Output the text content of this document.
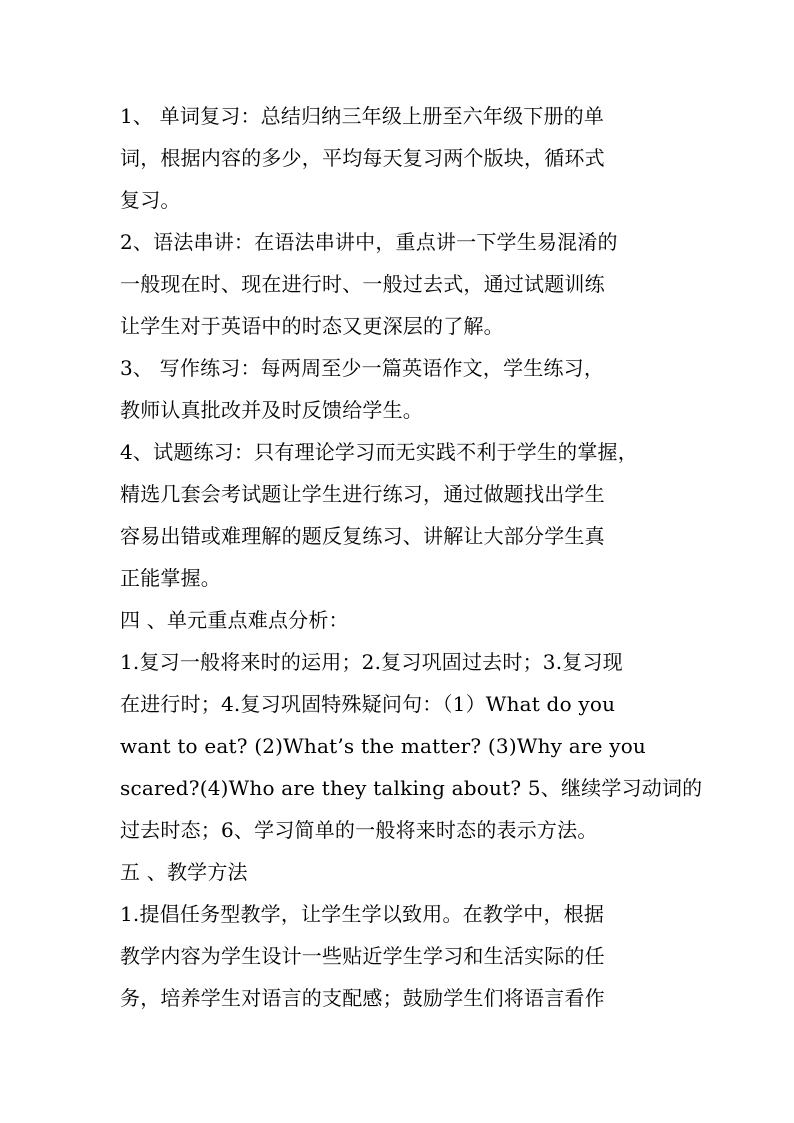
1、 单词复习：总结归纳三年级上册至六年级下册的单
词，根据内容的多少，平均每天复习两个版块，循环式
复习。
2、语法串讲：在语法串讲中，重点讲一下学生易混淆的
一般现在时、现在进行时、一般过去式，通过试题训练
让学生对于英语中的时态又更深层的了解。
3、 写作练习：每两周至少一篇英语作文，学生练习，
教师认真批改并及时反馈给学生。
4、试题练习：只有理论学习而无实践不利于学生的掌握，
精选几套会考试题让学生进行练习，通过做题找出学生
容易出错或难理解的题反复练习、讲解让大部分学生真
正能掌握。
四 、单元重点难点分析：
1.复习一般将来时的运用；2.复习巩固过去时；3.复习现
在进行时；4.复习巩固特殊疑问句：（1）What do you
want to eat? (2)What’s the matter? (3)Why are you
scared?(4)Who are they talking about? 5、继续学习动词的
过去时态；6、学习简单的一般将来时态的表示方法。
五 、教学方法
1.提倡任务型教学，让学生学以致用。在教学中，根据
教学内容为学生设计一些贴近学生学习和生活实际的任
务，培养学生对语言的支配感；鼓励学生们将语言看作
